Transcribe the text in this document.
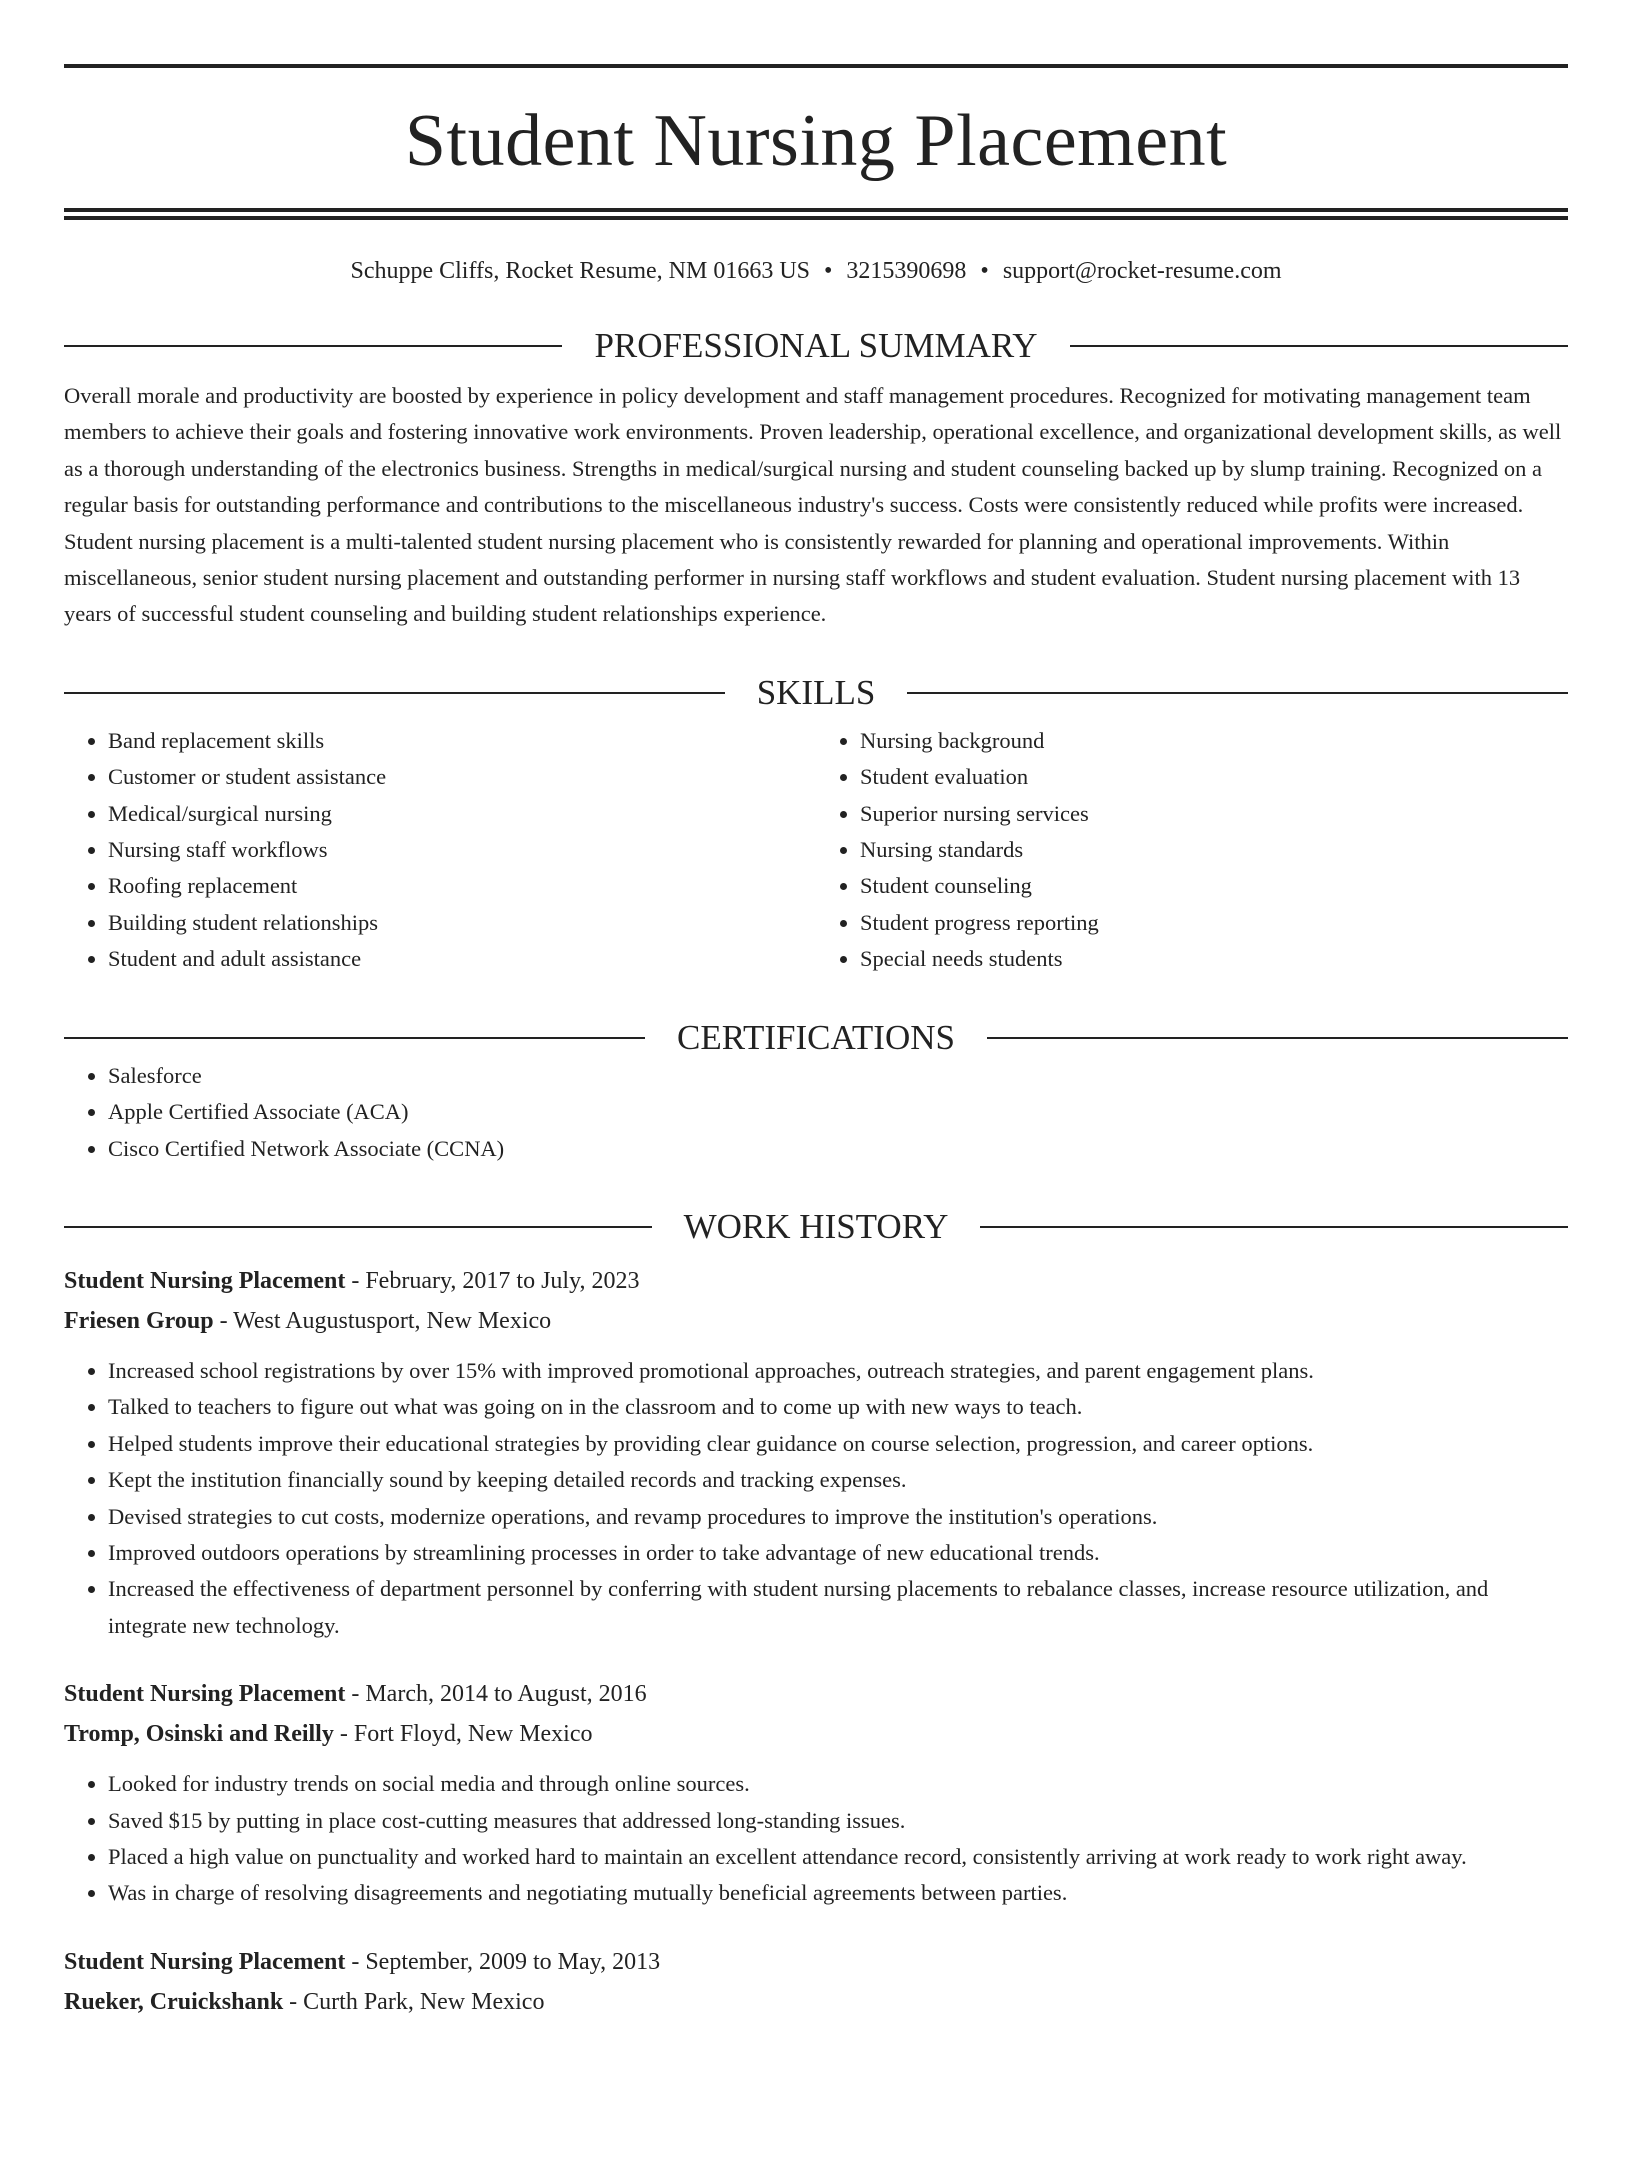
Student Nursing Placement
Schuppe Cliffs, Rocket Resume, NM 01663 US • 3215390698 • support@rocket-resume.com
PROFESSIONAL SUMMARY

Overall morale and productivity are boosted by experience in policy development and staff management procedures. Recognized for motivating management team members to achieve their goals and fostering innovative work environments. Proven leadership, operational excellence, and organizational development skills, as well as a thorough understanding of the electronics business. Strengths in medical/surgical nursing and student counseling backed up by slump training. Recognized on a regular basis for outstanding performance and contributions to the miscellaneous industry's success. Costs were consistently reduced while profits were increased. Student nursing placement is a multi-talented student nursing placement who is consistently rewarded for planning and operational improvements. Within miscellaneous, senior student nursing placement and outstanding performer in nursing staff workflows and student evaluation. Student nursing placement with 13 years of successful student counseling and building student relationships experience.

SKILLS
• Band replacement skills
• Customer or student assistance
• Medical/surgical nursing
• Nursing staff workflows
• Roofing replacement
• Building student relationships
• Student and adult assistance
• Nursing background
• Student evaluation
• Superior nursing services
• Nursing standards
• Student counseling
• Student progress reporting
• Special needs students
CERTIFICATIONS
• Salesforce
• Apple Certified Associate (ACA)
• Cisco Certified Network Associate (CCNA)
WORK HISTORY
Student Nursing Placement - February, 2017 to July, 2023
Friesen Group - West Augustusport, New Mexico
• Increased school registrations by over 15% with improved promotional approaches, outreach strategies, and parent engagement plans.
• Talked to teachers to figure out what was going on in the classroom and to come up with new ways to teach.
• Helped students improve their educational strategies by providing clear guidance on course selection, progression, and career options.
• Kept the institution financially sound by keeping detailed records and tracking expenses.
• Devised strategies to cut costs, modernize operations, and revamp procedures to improve the institution's operations.
• Improved outdoors operations by streamlining processes in order to take advantage of new educational trends.
• Increased the effectiveness of department personnel by conferring with student nursing placements to rebalance classes, increase resource utilization, and integrate new technology.
Student Nursing Placement - March, 2014 to August, 2016
Tromp, Osinski and Reilly - Fort Floyd, New Mexico
• Looked for industry trends on social media and through online sources.
• Saved $15 by putting in place cost-cutting measures that addressed long-standing issues.
• Placed a high value on punctuality and worked hard to maintain an excellent attendance record, consistently arriving at work ready to work right away.
• Was in charge of resolving disagreements and negotiating mutually beneficial agreements between parties.
Student Nursing Placement - September, 2009 to May, 2013
Rueker, Cruickshank - Curth Park, New Mexico
